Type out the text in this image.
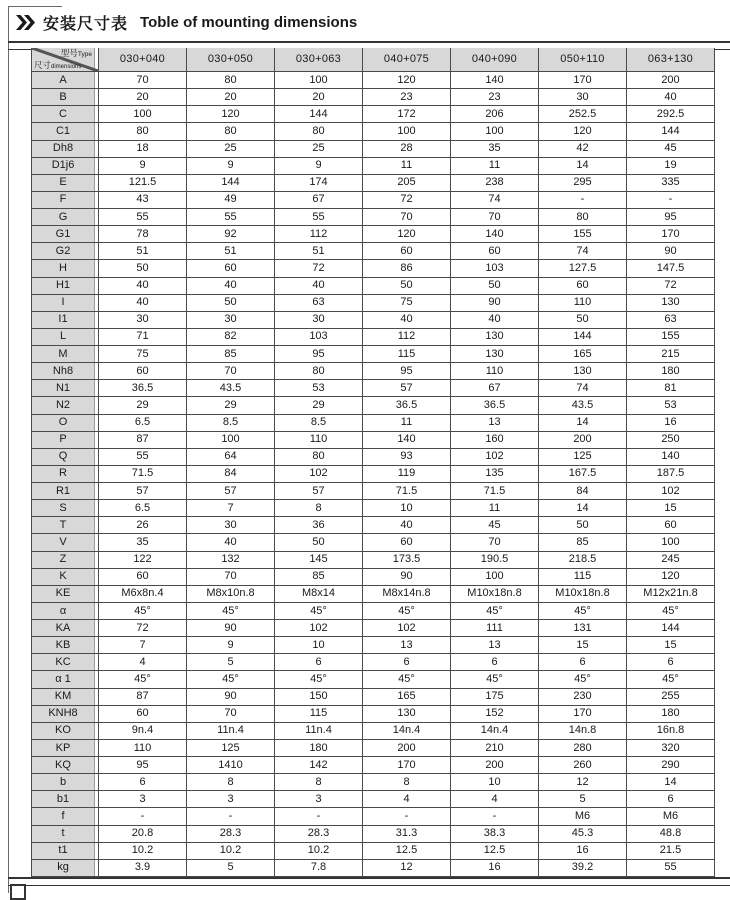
安装尺寸表 Toble of mounting dimensions
型号Type
尺寸dimensions
030+040	030+050	030+063	040+075	040+090	050+110	063+130
A	70	80	100	120	140	170	200
B	20	20	20	23	23	30	40
C	100	120	144	172	206	252.5	292.5
C1	80	80	80	100	100	120	144
Dh8	18	25	25	28	35	42	45
D1j6	9	9	9	11	11	14	19
E	121.5	144	174	205	238	295	335
F	43	49	67	72	74	-	-
G	55	55	55	70	70	80	95
G1	78	92	112	120	140	155	170
G2	51	51	51	60	60	74	90
H	50	60	72	86	103	127.5	147.5
H1	40	40	40	50	50	60	72
I	40	50	63	75	90	110	130
I1	30	30	30	40	40	50	63
L	71	82	103	112	130	144	155
M	75	85	95	115	130	165	215
Nh8	60	70	80	95	110	130	180
N1	36.5	43.5	53	57	67	74	81
N2	29	29	29	36.5	36.5	43.5	53
O	6.5	8.5	8.5	11	13	14	16
P	87	100	110	140	160	200	250
Q	55	64	80	93	102	125	140
R	71.5	84	102	119	135	167.5	187.5
R1	57	57	57	71.5	71.5	84	102
S	6.5	7	8	10	11	14	15
T	26	30	36	40	45	50	60
V	35	40	50	60	70	85	100
Z	122	132	145	173.5	190.5	218.5	245
K	60	70	85	90	100	115	120
KE	M6x8n.4	M8x10n.8	M8x14	M8x14n.8	M10x18n.8	M10x18n.8	M12x21n.8
α	45°	45°	45°	45°	45°	45°	45°
KA	72	90	102	102	111	131	144
KB	7	9	10	13	13	15	15
KC	4	5	6	6	6	6	6
α 1	45°	45°	45°	45°	45°	45°	45°
KM	87	90	150	165	175	230	255
KNH8	60	70	115	130	152	170	180
KO	9n.4	11n.4	11n.4	14n.4	14n.4	14n.8	16n.8
KP	110	125	180	200	210	280	320
KQ	95	1410	142	170	200	260	290
b	6	8	8	8	10	12	14
b1	3	3	3	4	4	5	6
f	-	-	-	-	-	M6	M6
t	20.8	28.3	28.3	31.3	38.3	45.3	48.8
t1	10.2	10.2	10.2	12.5	12.5	16	21.5
kg	3.9	5	7.8	12	16	39.2	55
